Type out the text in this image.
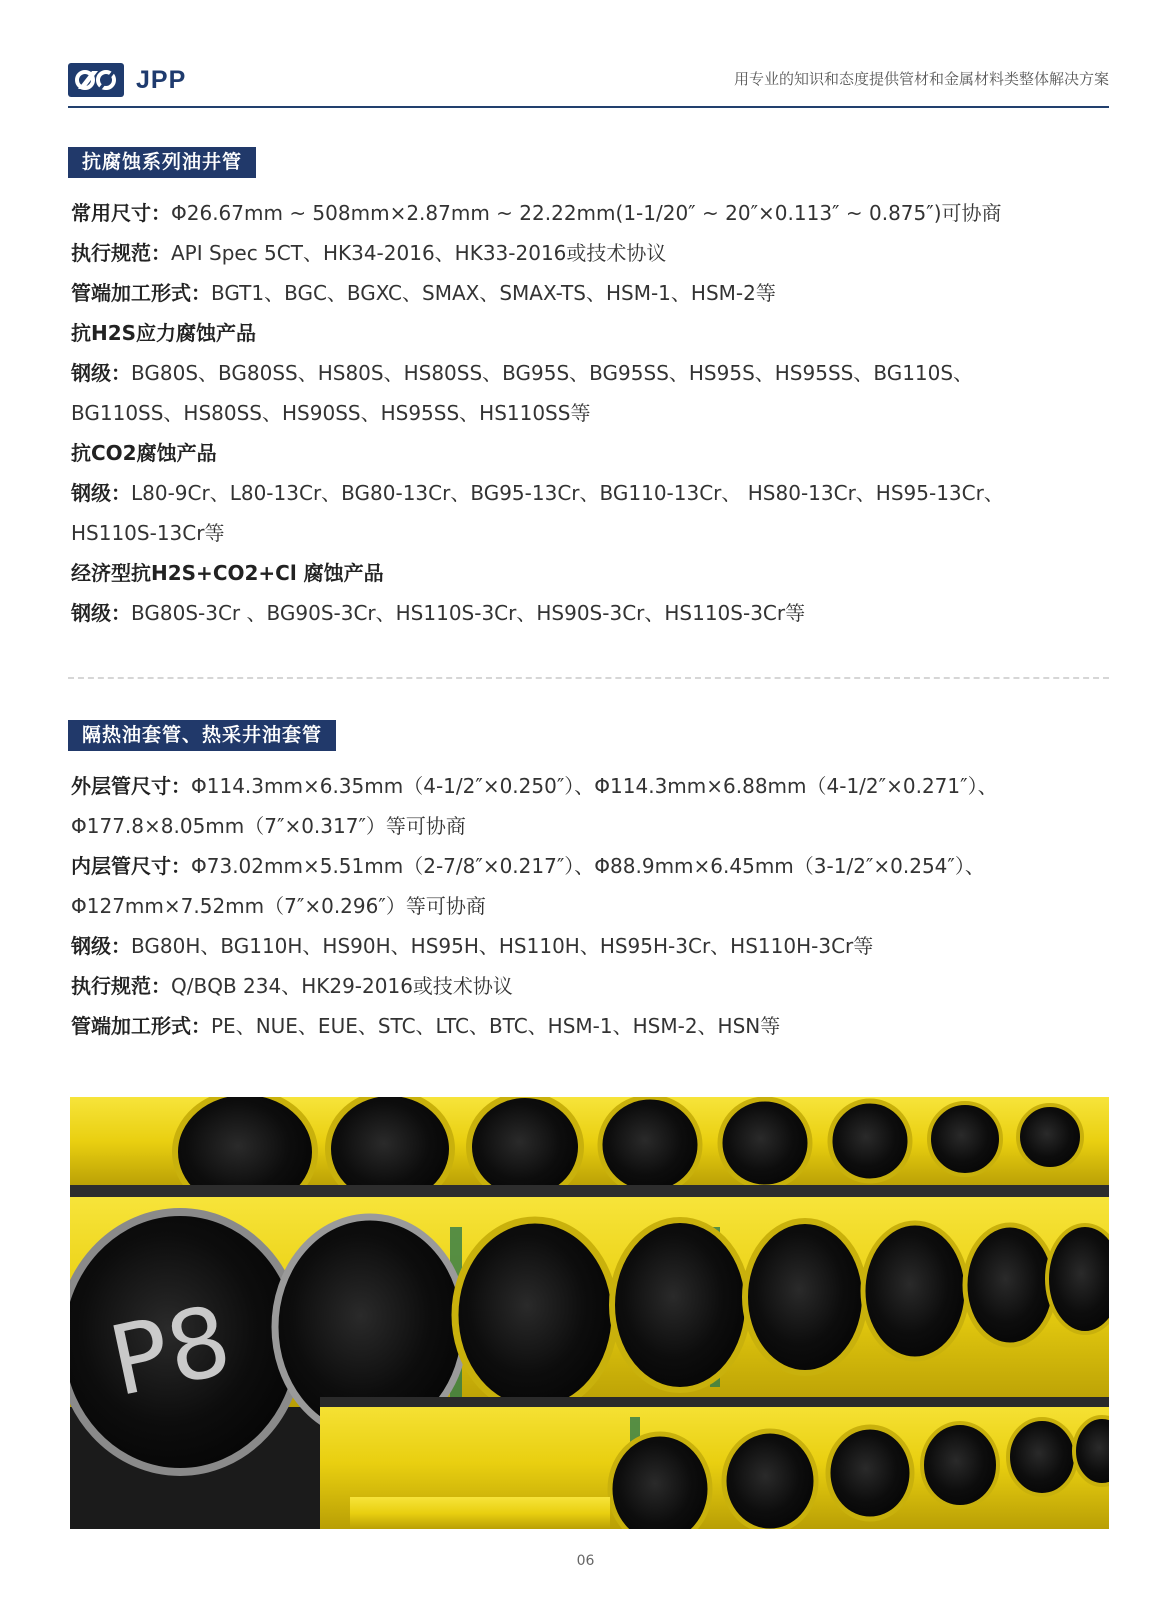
JPP	用专业的知识和态度提供管材和金属材料类整体解决方案
抗腐蚀系列油井管
常用尺寸：Φ26.67mm ~ 508mm×2.87mm ~ 22.22mm(1-1/20″ ~ 20″×0.113″ ~ 0.875″)可协商
执行规范：API Spec 5CT、HK34-2016、HK33-2016或技术协议
管端加工形式：BGT1、BGC、BGXC、SMAX、SMAX-TS、HSM-1、HSM-2等
抗H2S应力腐蚀产品
钢级：BG80S、BG80SS、HS80S、HS80SS、BG95S、BG95SS、HS95S、HS95SS、BG110S、
BG110SS、HS80SS、HS90SS、HS95SS、HS110SS等
抗CO2腐蚀产品
钢级：L80-9Cr、L80-13Cr、BG80-13Cr、BG95-13Cr、BG110-13Cr、 HS80-13Cr、HS95-13Cr、
HS110S-13Cr等
经济型抗H2S+CO2+Cl 腐蚀产品
钢级：BG80S-3Cr 、BG90S-3Cr、HS110S-3Cr、HS90S-3Cr、HS110S-3Cr等
隔热油套管、热采井油套管
外层管尺寸：Φ114.3mm×6.35mm（4-1/2″×0.250″）、Φ114.3mm×6.88mm（4-1/2″×0.271″）、
Φ177.8×8.05mm（7″×0.317″）等可协商
内层管尺寸：Φ73.02mm×5.51mm（2-7/8″×0.217″）、Φ88.9mm×6.45mm（3-1/2″×0.254″）、
Φ127mm×7.52mm（7″×0.296″）等可协商
钢级：BG80H、BG110H、HS90H、HS95H、HS110H、HS95H-3Cr、HS110H-3Cr等
执行规范：Q/BQB 234、HK29-2016或技术协议
管端加工形式：PE、NUE、EUE、STC、LTC、BTC、HSM-1、HSM-2、HSN等
P8
06
